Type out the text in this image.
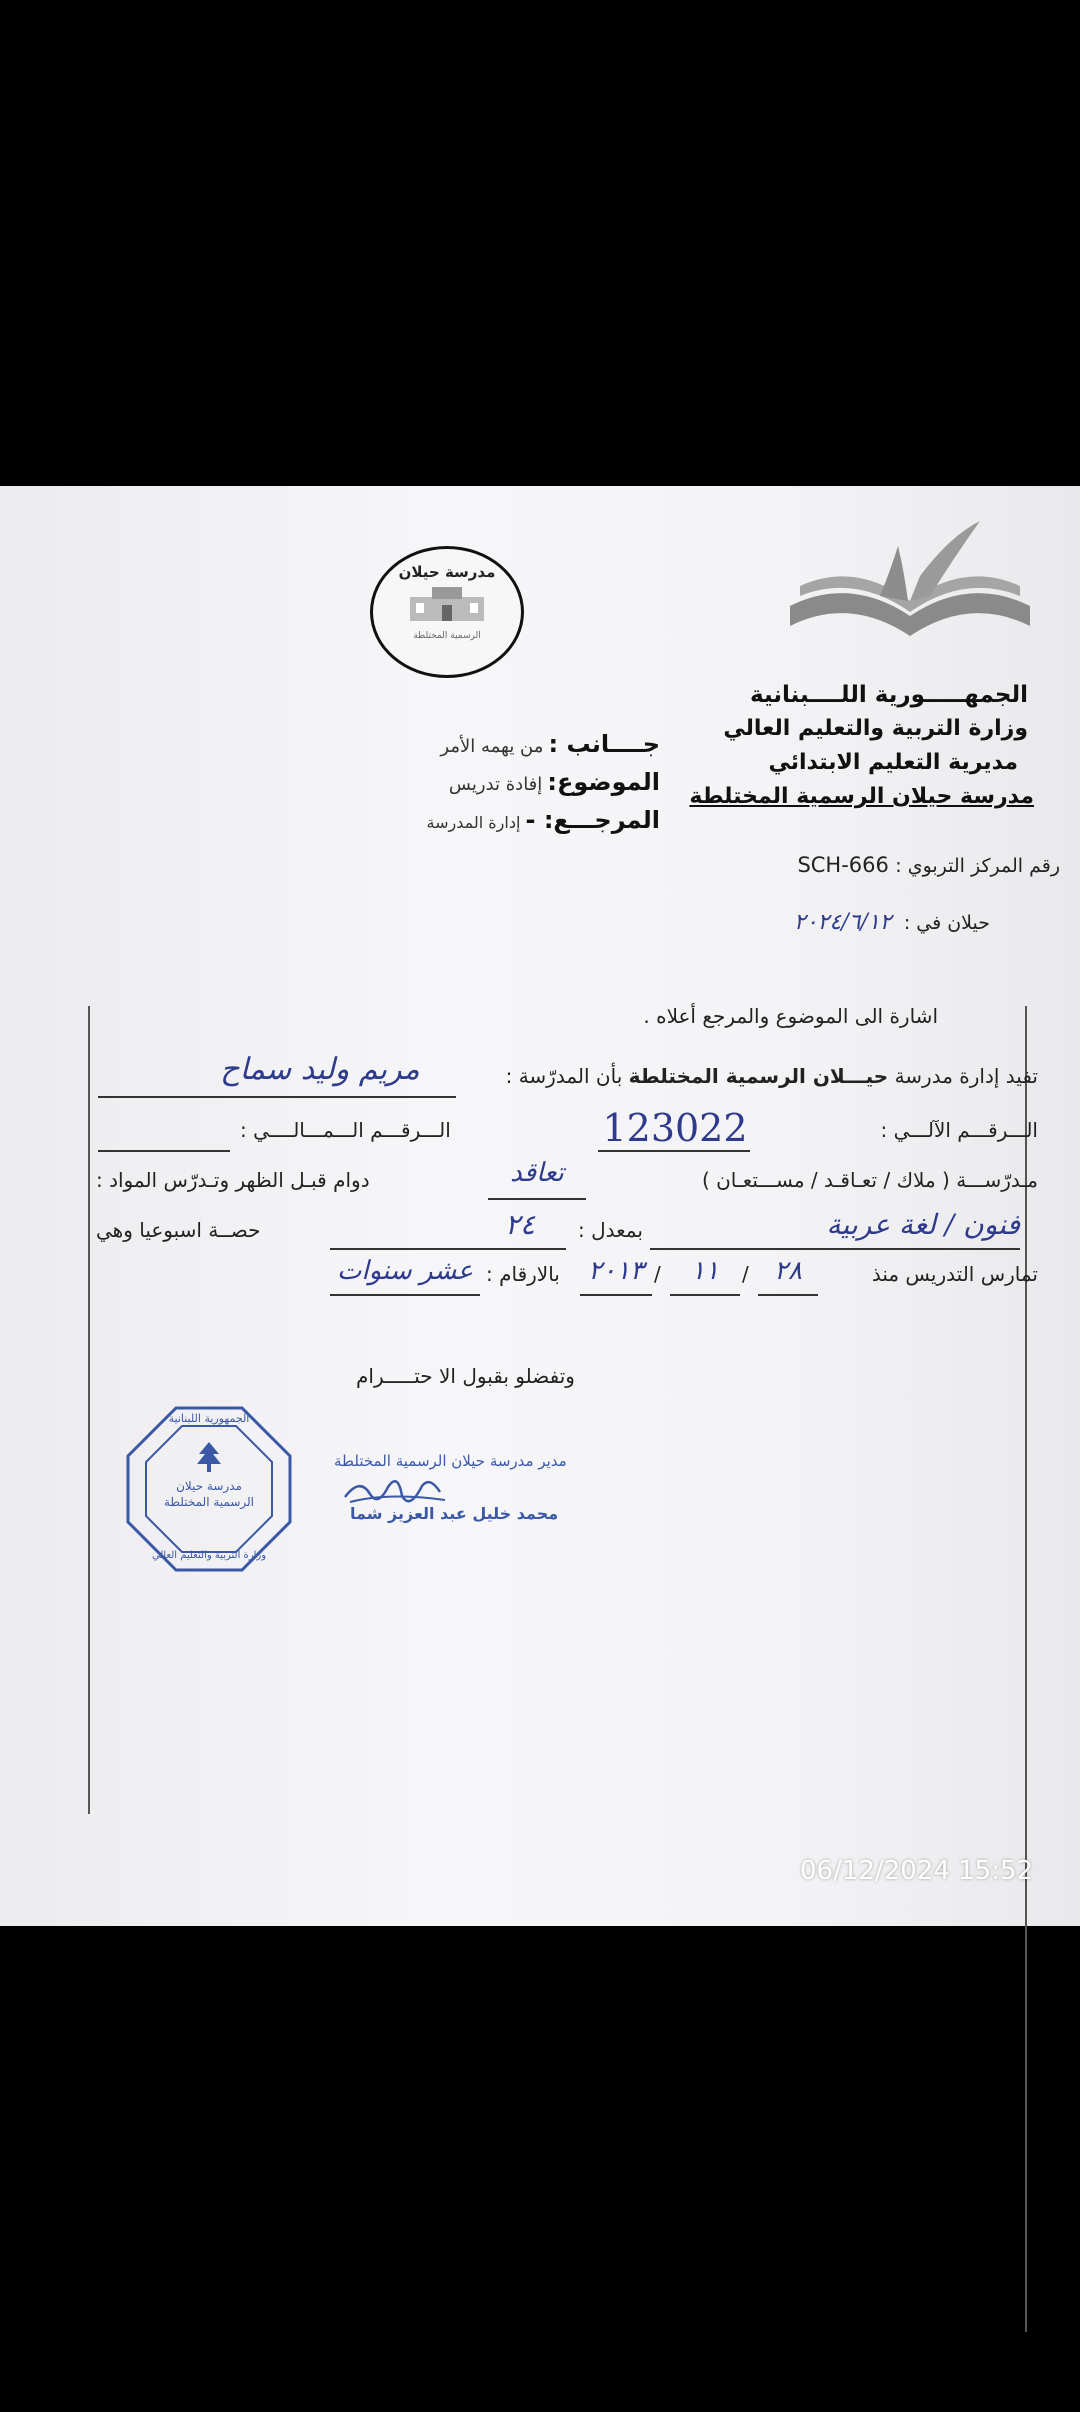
الجمهـــــورية اللــــبنانية
وزارة التربية والتعليم العالي
مديرية التعليم الابتدائي
مدرسة حيلان الرسمية المختلطة
رقم المركز التربوي : SCH-666
حيلان في : ٢٠٢٤/٦/١٢
مدرسة حيلان
الرسمية المختلطة
جــــانب : من يهمه الأمر
الموضوع: إفادة تدريس
المرجـــع: - إدارة المدرسة
اشارة الى الموضوع والمرجع أعلاه .
تفيد إدارة مدرسة حيـــلان الرسمية المختلطة بأن المدرّسة :
مريم وليد سماح
الـــرقـــم الآلـــي :
123022
الـــرقـــم الـــمـــالــــي :
مـدرّســـة ( ملاك / تعـاقـد / مســـتعـان )
تعاقد
دوام قبـل الظهر وتـدرّس المواد :
فنون / لغة عربية
بمعدل :
٢٤
حصــة اسبوعيا وهي
تمارس التدريس منذ
٢٨
/
١١
/
٢٠١٣
بالارقام :
عشر سنوات
وتفضلو بقبول الا حتـــــرام
مدير مدرسة حيلان الرسمية المختلطة
محمد خليل عبد العزيز شما
الجمهورية اللبنانية
مدرسة حيلان الرسمية المختلطة
وزارة التربية والتعليم العالي
06/12/2024 15:52
